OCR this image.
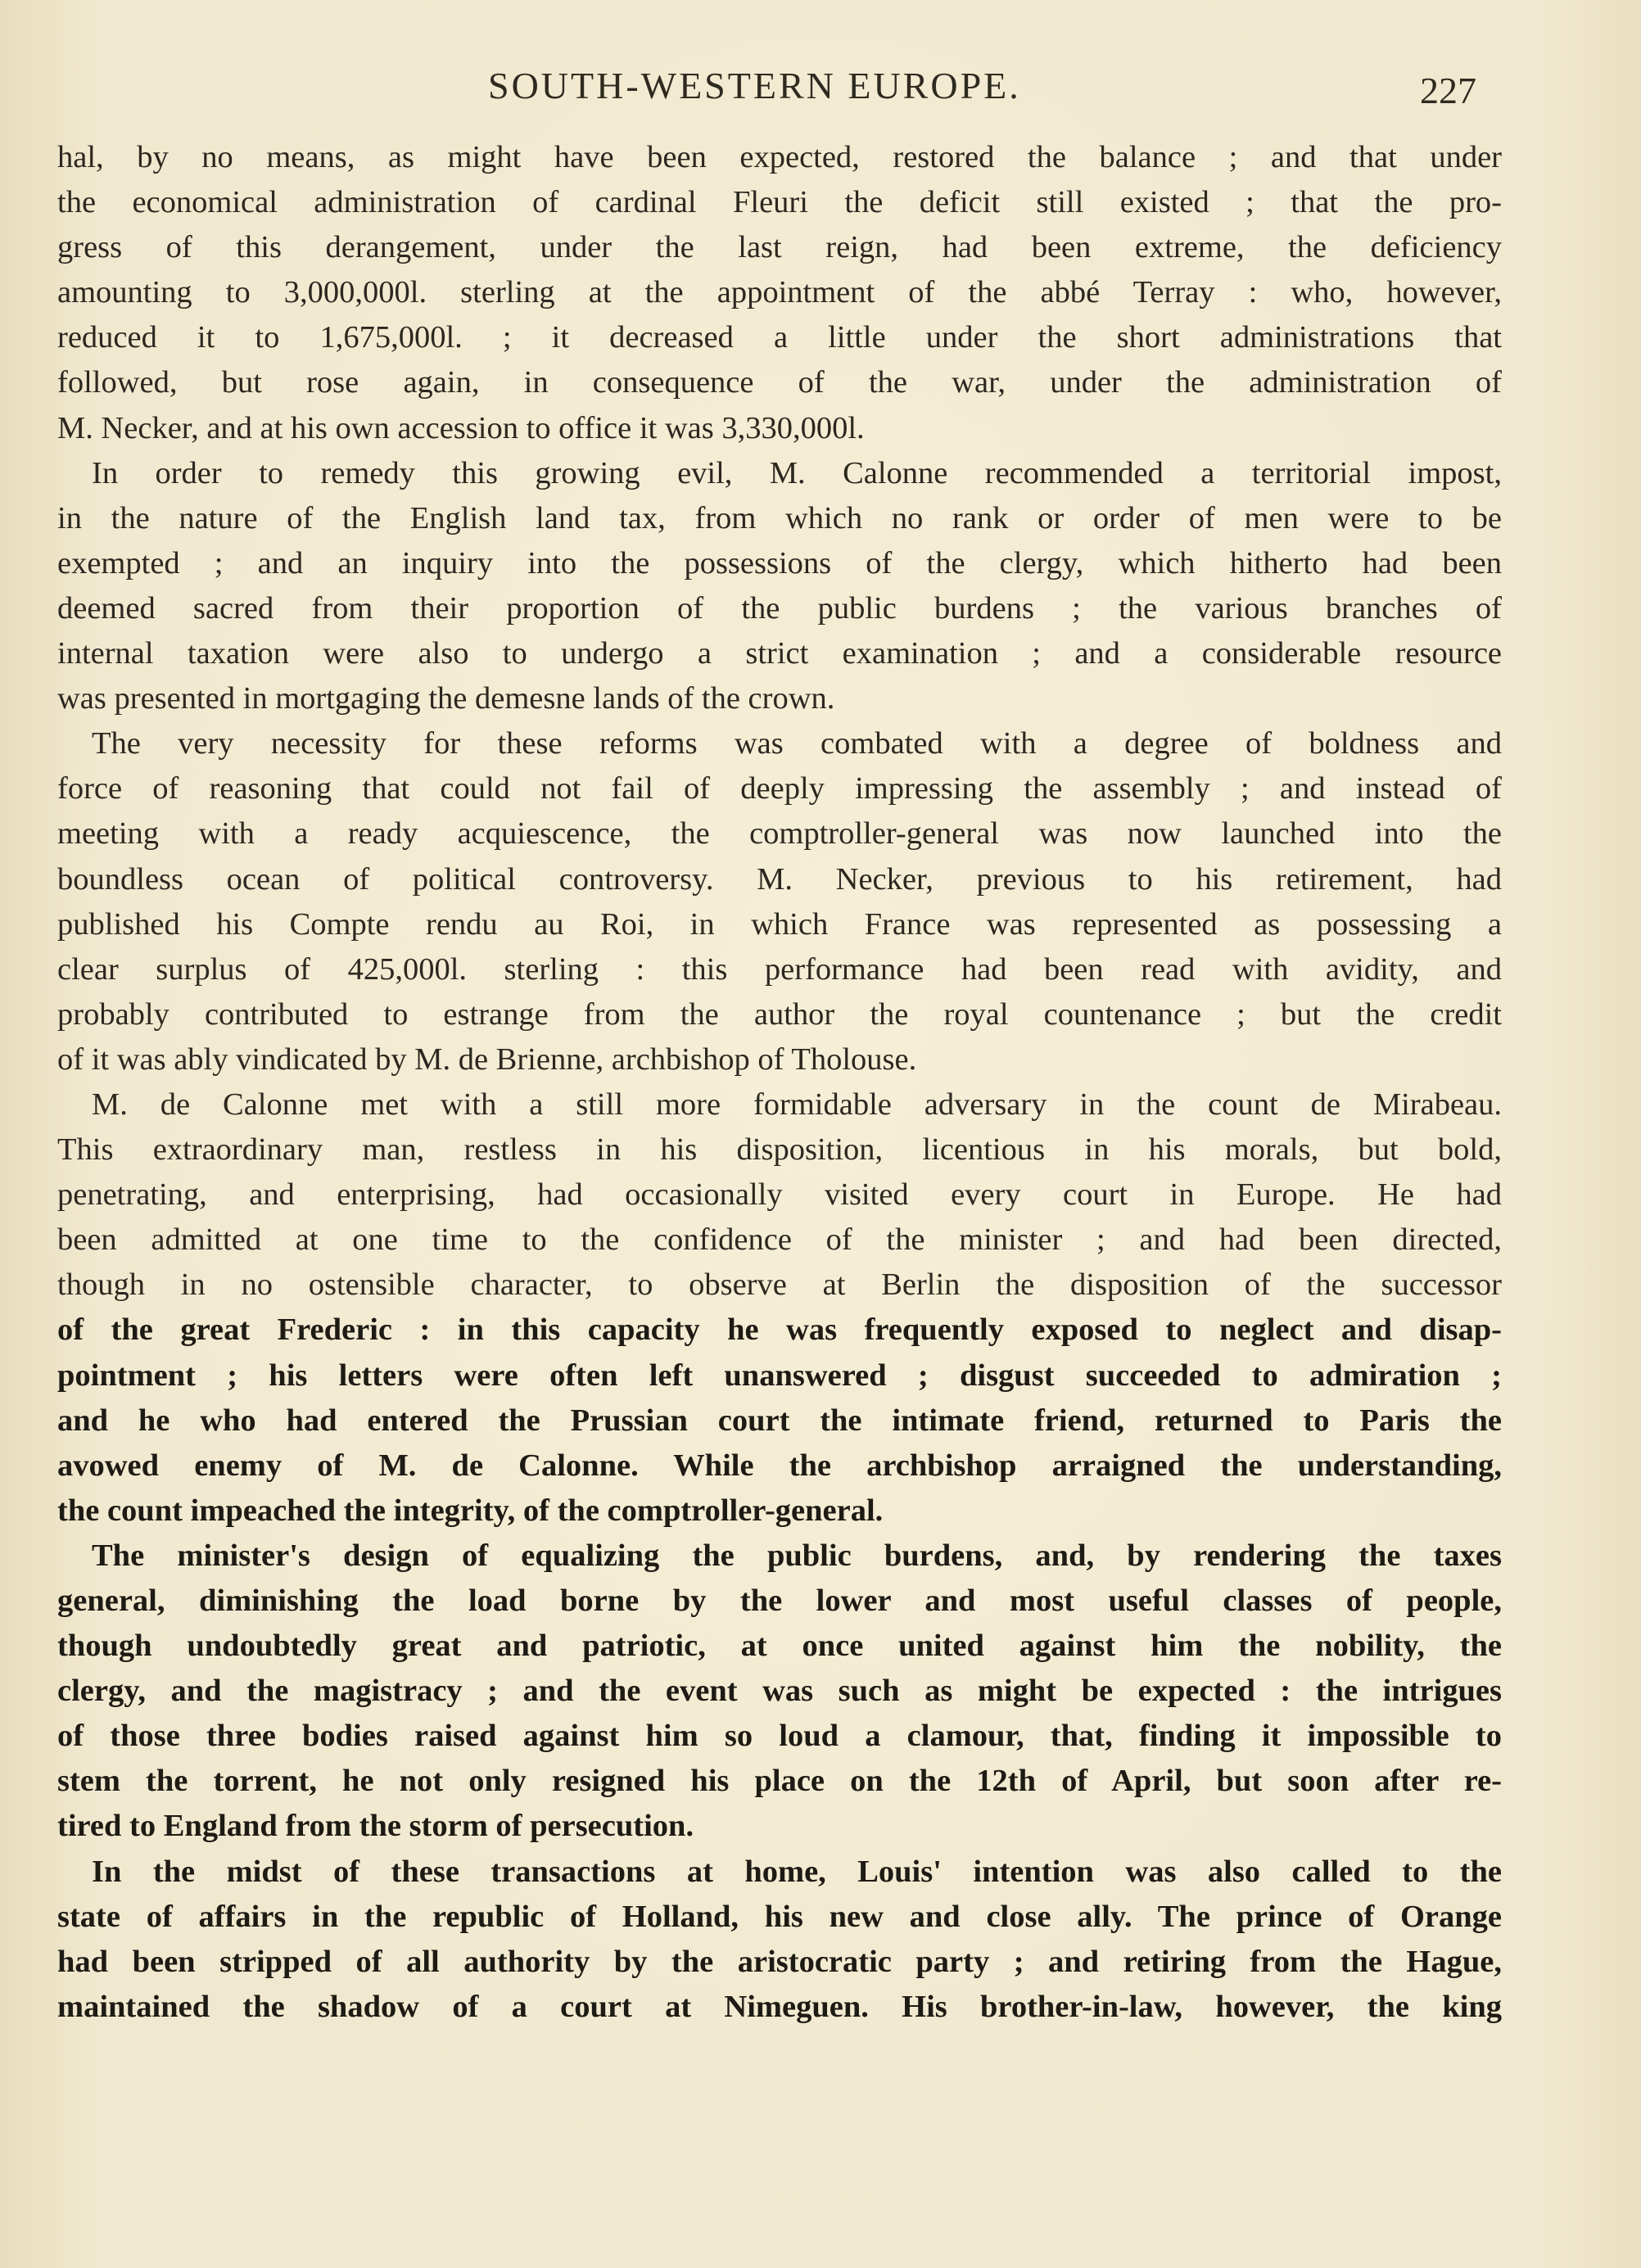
SOUTH-WESTERN EUROPE.	227
hal, by no means, as might have been expected, restored the balance ; and that under
the economical administration of cardinal Fleuri the deficit still existed ; that the pro-
gress of this derangement, under the last reign, had been extreme, the deficiency
amounting to 3,000,000l. sterling at the appointment of the abbé Terray : who, however,
reduced it to 1,675,000l. ; it decreased a little under the short administrations that
followed, but rose again, in consequence of the war, under the administration of
M. Necker, and at his own accession to office it was 3,330,000l.
In order to remedy this growing evil, M. Calonne recommended a territorial impost,
in the nature of the English land tax, from which no rank or order of men were to be
exempted ; and an inquiry into the possessions of the clergy, which hitherto had been
deemed sacred from their proportion of the public burdens ; the various branches of
internal taxation were also to undergo a strict examination ; and a considerable resource
was presented in mortgaging the demesne lands of the crown.
The very necessity for these reforms was combated with a degree of boldness and
force of reasoning that could not fail of deeply impressing the assembly ; and instead of
meeting with a ready acquiescence, the comptroller-general was now launched into the
boundless ocean of political controversy. M. Necker, previous to his retirement, had
published his Compte rendu au Roi, in which France was represented as possessing a
clear surplus of 425,000l. sterling : this performance had been read with avidity, and
probably contributed to estrange from the author the royal countenance ; but the credit
of it was ably vindicated by M. de Brienne, archbishop of Tholouse.
M. de Calonne met with a still more formidable adversary in the count de Mirabeau.
This extraordinary man, restless in his disposition, licentious in his morals, but bold,
penetrating, and enterprising, had occasionally visited every court in Europe. He had
been admitted at one time to the confidence of the minister ; and had been directed,
though in no ostensible character, to observe at Berlin the disposition of the successor
of the great Frederic : in this capacity he was frequently exposed to neglect and disap-
pointment ; his letters were often left unanswered ; disgust succeeded to admiration ;
and he who had entered the Prussian court the intimate friend, returned to Paris the
avowed enemy of M. de Calonne. While the archbishop arraigned the understanding,
the count impeached the integrity, of the comptroller-general.
The minister's design of equalizing the public burdens, and, by rendering the taxes
general, diminishing the load borne by the lower and most useful classes of people,
though undoubtedly great and patriotic, at once united against him the nobility, the
clergy, and the magistracy ; and the event was such as might be expected : the intrigues
of those three bodies raised against him so loud a clamour, that, finding it impossible to
stem the torrent, he not only resigned his place on the 12th of April, but soon after re-
tired to England from the storm of persecution.
In the midst of these transactions at home, Louis' intention was also called to the
state of affairs in the republic of Holland, his new and close ally. The prince of Orange
had been stripped of all authority by the aristocratic party ; and retiring from the Hague,
maintained the shadow of a court at Nimeguen. His brother-in-law, however, the king
